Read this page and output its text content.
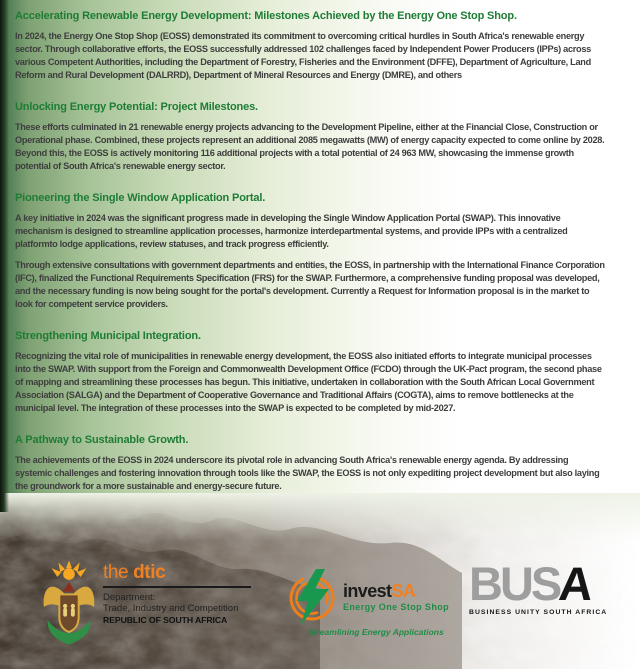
Accelerating Renewable Energy Development: Milestones Achieved by the Energy One Stop Shop.

In 2024, the Energy One Stop Shop (EOSS) demonstrated its commitment to overcoming critical hurdles in South Africa's renewable energy sector. Through collaborative efforts, the EOSS successfully addressed 102 challenges faced by Independent Power Producers (IPPs) across various Competent Authorities, including the Department of Forestry, Fisheries and the Environment (DFFE), Department of Agriculture, Land Reform and Rural Development (DALRRD), Department of Mineral Resources and Energy (DMRE), and others

Unlocking Energy Potential: Project Milestones.

These efforts culminated in 21 renewable energy projects advancing to the Development Pipeline, either at the Financial Close, Construction or Operational phase. Combined, these projects represent an additional 2085 megawatts (MW) of energy capacity expected to come online by 2028. Beyond this, the EOSS is actively monitoring 116 additional projects with a total potential of 24 963 MW, showcasing the immense growth potential of South Africa's renewable energy sector.

Pioneering the Single Window Application Portal.

A key initiative in 2024 was the significant progress made in developing the Single Window Application Portal (SWAP). This innovative mechanism is designed to streamline application processes, harmonize interdepartmental systems, and provide IPPs with a centralized platformto lodge applications, review statuses, and track progress efficiently.

Through extensive consultations with government departments and entities, the EOSS, in partnership with the International Finance Corporation (IFC), finalized the Functional Requirements Specification (FRS) for the SWAP. Furthermore, a comprehensive funding proposal was developed, and the necessary funding is now being sought for the portal's development. Currently a Request for Information proposal is in the market to look for competent service providers.

Strengthening Municipal Integration.

Recognizing the vital role of municipalities in renewable energy development, the EOSS also initiated efforts to integrate municipal processes into the SWAP. With support from the Foreign and Commonwealth Development Office (FCDO) through the UK-Pact program, the second phase of mapping and streamlining these processes has begun. This initiative, undertaken in collaboration with the South African Local Government Association (SALGA) and the Department of Cooperative Governance and Traditional Affairs (COGTA), aims to remove bottlenecks at the municipal level. The integration of these processes into the SWAP is expected to be completed by mid-2027.

A Pathway to Sustainable Growth.

The achievements of the EOSS in 2024 underscore its pivotal role in advancing South Africa's renewable energy agenda. By addressing systemic challenges and fostering innovation through tools like the SWAP, the EOSS is not only expediting project development but also laying the groundwork for a more sustainable and energy-secure future.

the dtic
Department:
Trade, Industry and Competition
REPUBLIC OF SOUTH AFRICA
investSA
Energy One Stop Shop
Streamlining Energy Applications
BUSA
BUSINESS UNITY SOUTH AFRICA
